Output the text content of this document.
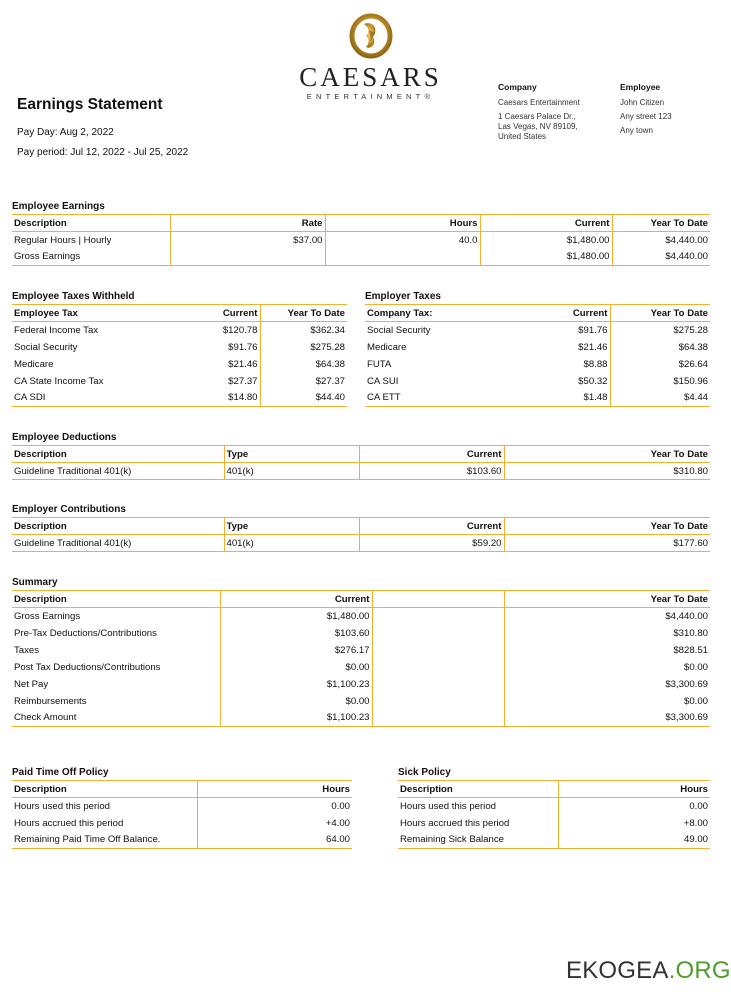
CAESARS
ENTERTAINMENT®
Earnings Statement
Pay Day: Aug 2, 2022
Pay period: Jul 12, 2022 - Jul 25, 2022
Company
Caesars Entertainment
1 Caesars Palace Dr.,
Las Vegas, NV 89109,
United States
Employee
John Citizen
Any street 123
Any town
Employee Earnings
Description	Rate	Hours	Current	Year To Date
Regular Hours | Hourly	$37.00	40.0	$1,480.00	$4,440.00
Gross Earnings			$1,480.00	$4,440.00
Employee Taxes Withheld
Employee Tax	Current	Year To Date
Federal Income Tax	$120.78	$362.34
Social Security	$91.76	$275.28
Medicare	$21.46	$64.38
CA State Income Tax	$27.37	$27.37
CA SDI	$14.80	$44.40
Employer Taxes
Company Tax:	Current	Year To Date
Social Security	$91.76	$275.28
Medicare	$21.46	$64.38
FUTA	$8.88	$26.64
CA SUI	$50.32	$150.96
CA ETT	$1.48	$4.44
Employee Deductions
Description	Type	Current	Year To Date
Guideline Traditional 401(k)	401(k)	$103.60	$310.80
Employer Contributions
Description	Type	Current	Year To Date
Guideline Traditional 401(k)	401(k)	$59.20	$177.60
Summary
Description	Current		Year To Date
Gross Earnings	$1,480.00		$4,440.00
Pre-Tax Deductions/Contributions	$103.60		$310.80
Taxes	$276.17		$828.51
Post Tax Deductions/Contributions	$0.00		$0.00
Net Pay	$1,100.23		$3,300.69
Reimbursements	$0.00		$0.00
Check Amount	$1,100.23		$3,300.69
Paid Time Off Policy
Description	Hours
Hours used this period	0.00
Hours accrued this period	+4.00
Remaining Paid Time Off Balance.	64.00
Sick Policy
Description	Hours
Hours used this period	0.00
Hours accrued this period	+8.00
Remaining Sick Balance	49.00
EKOGEA.ORG
